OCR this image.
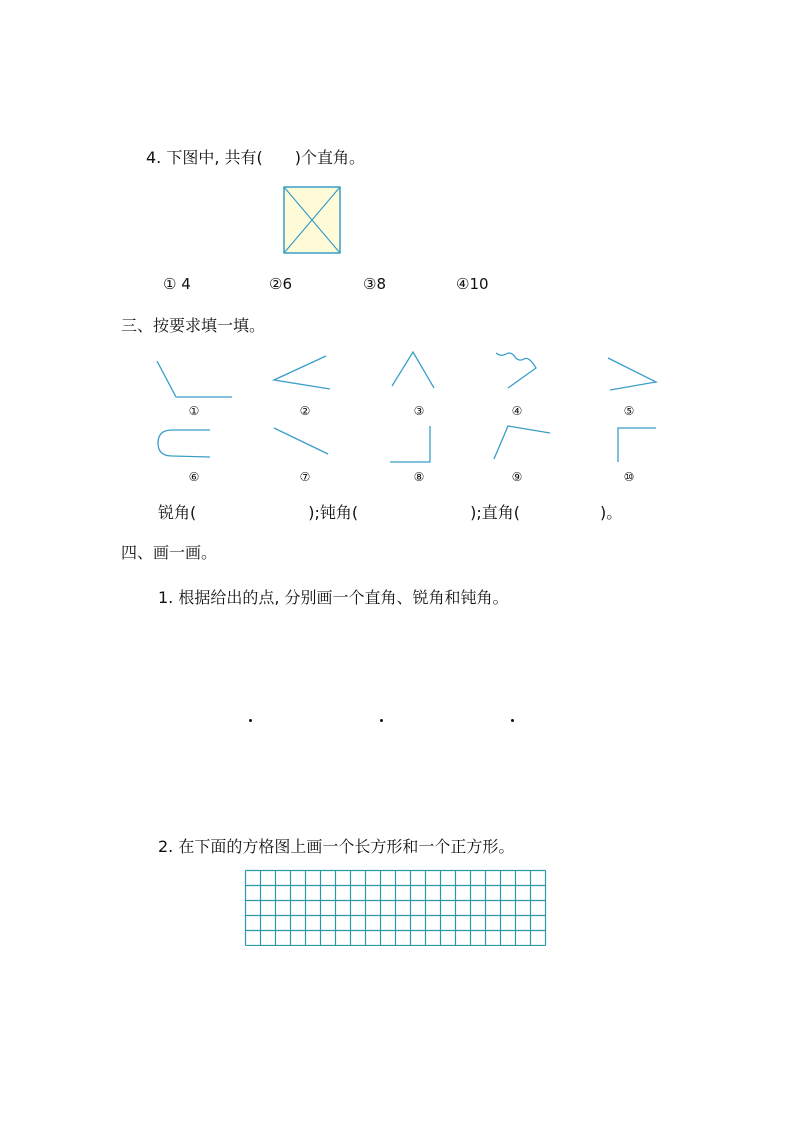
4. 下图中, 共有(　　)个直角。
① 4	②6	③8	④10
三、按要求填一填。
①	②	③	④	⑤
⑥	⑦	⑧	⑨	⑩
锐角(　　　　　　　);钝角(　　　　　　　);直角(　　　　　)。
四、画一画。
1. 根据给出的点, 分别画一个直角、锐角和钝角。
2. 在下面的方格图上画一个长方形和一个正方形。
